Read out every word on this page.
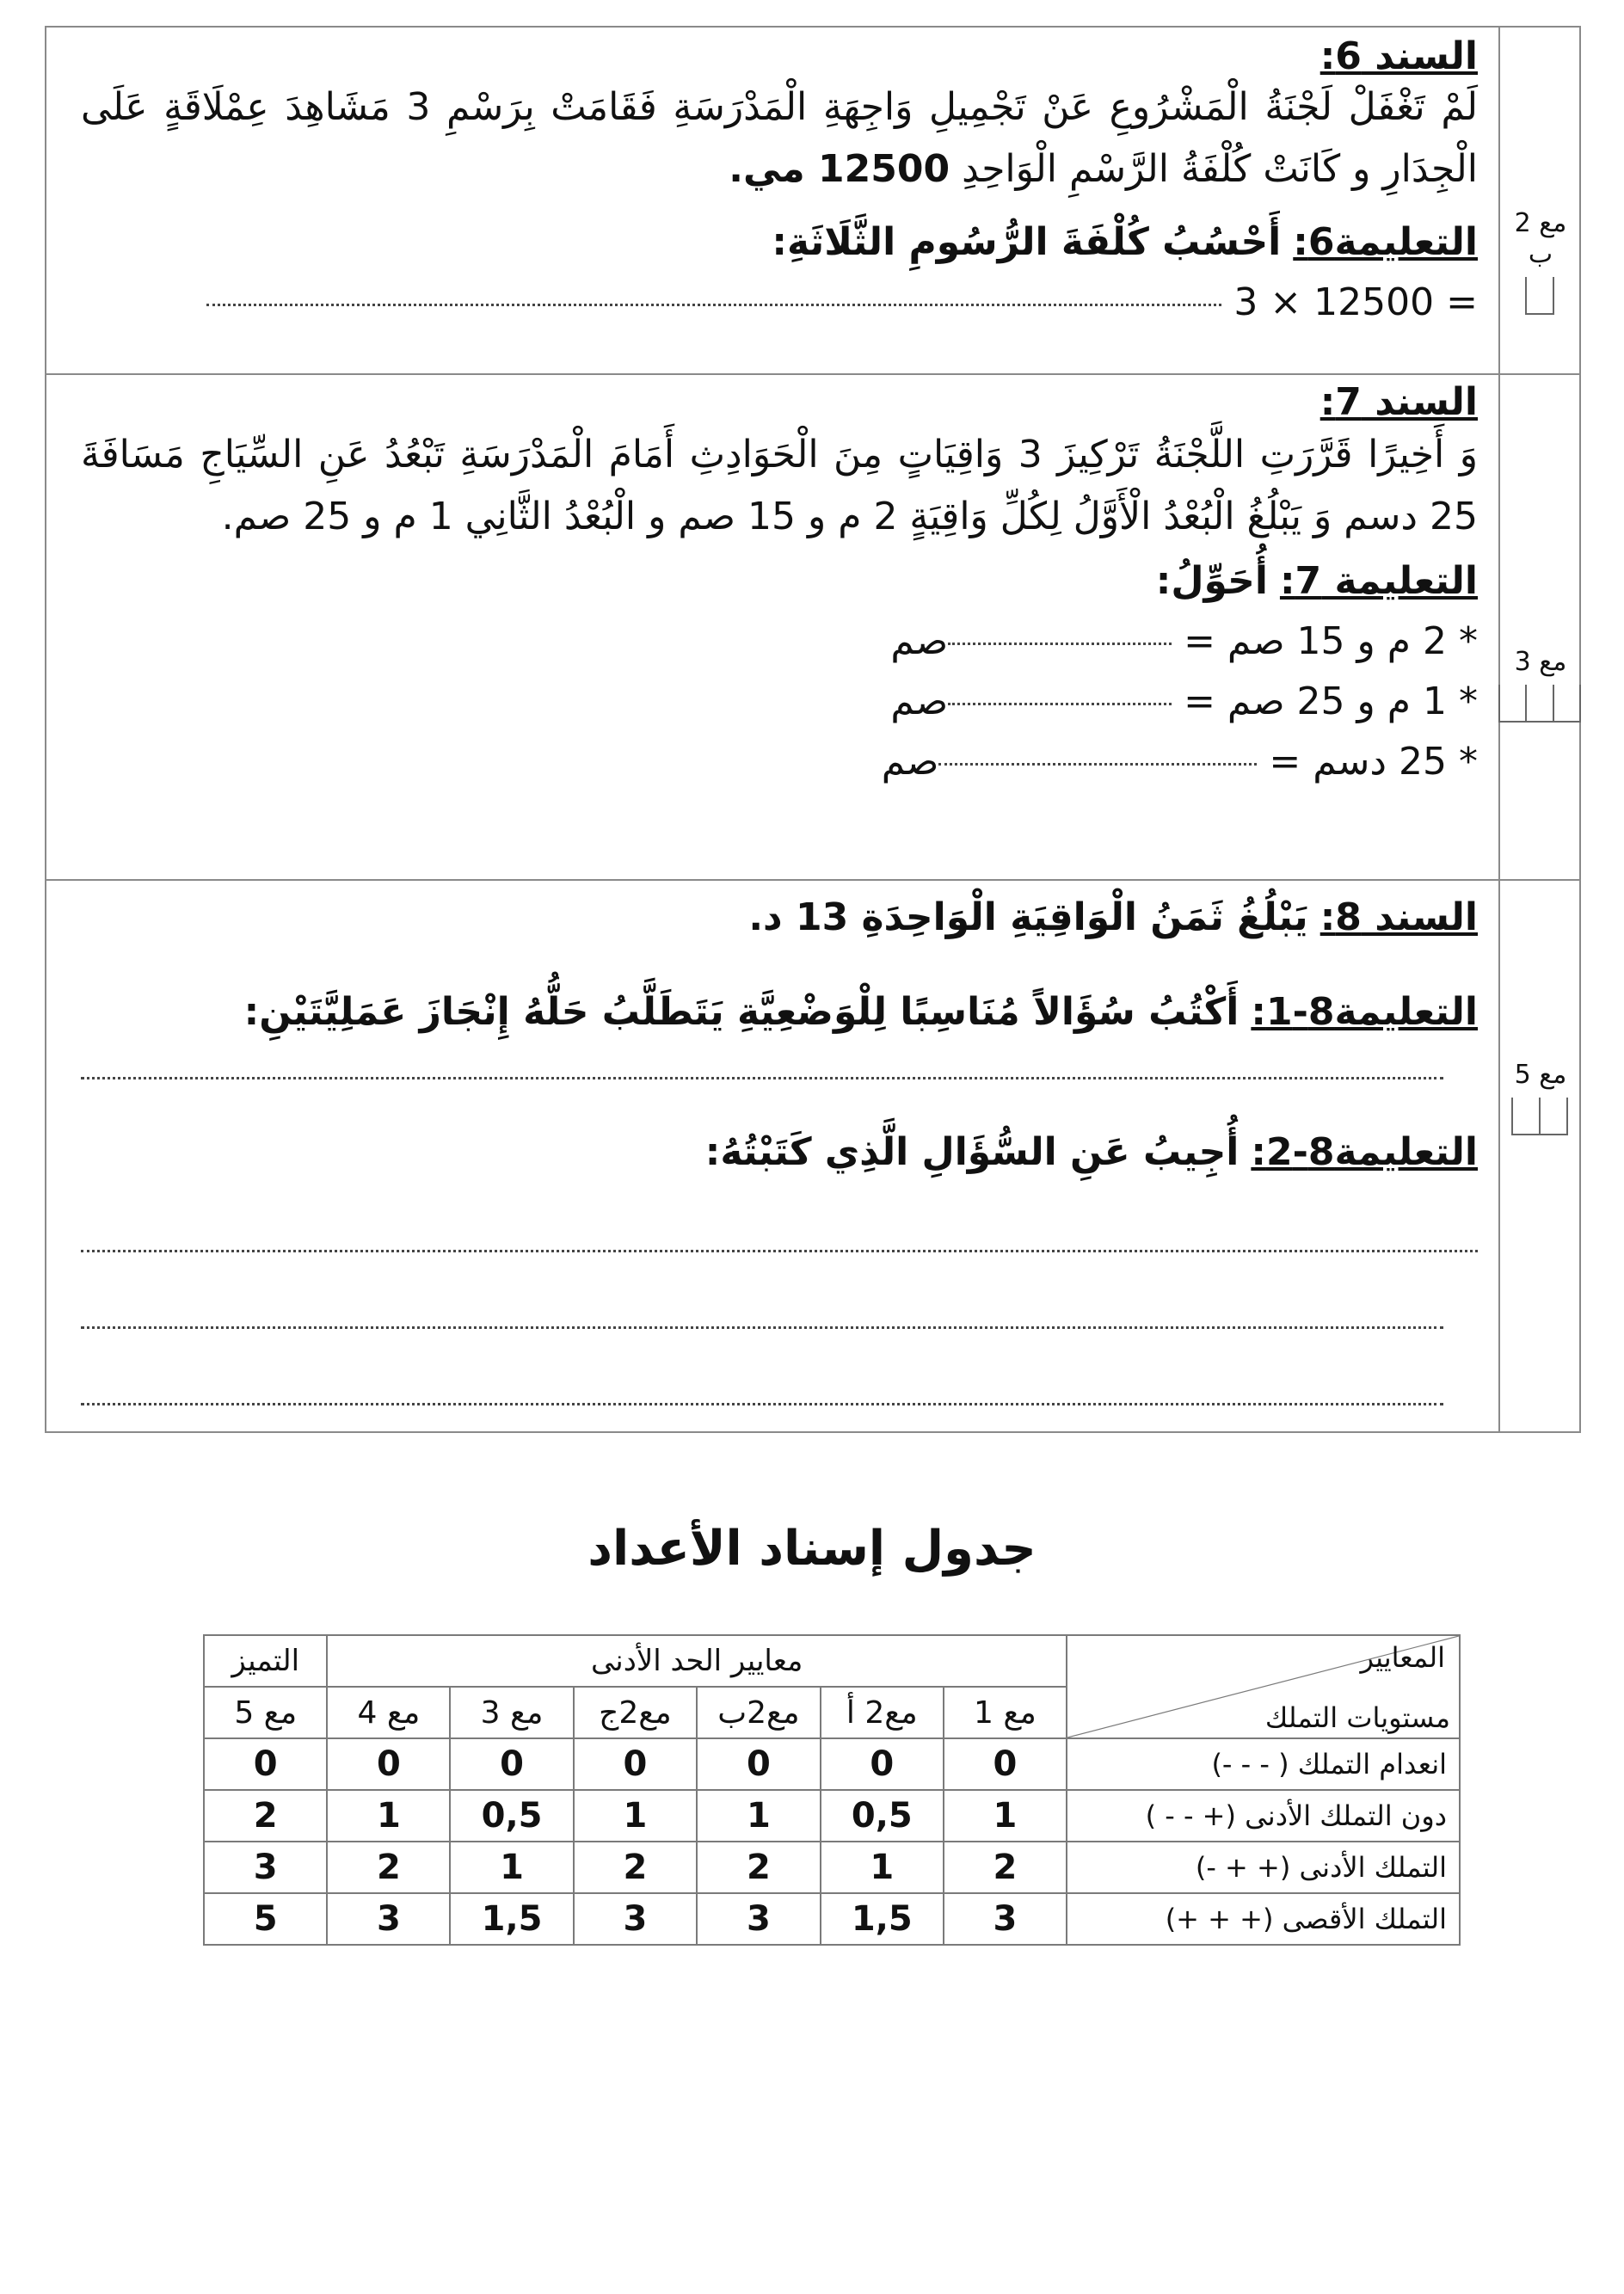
السند 6:
لَمْ تَغْفَلْ لَجْنَةُ الْمَشْرُوعِ عَنْ تَجْمِيلِ وَاجِهَةِ الْمَدْرَسَةِ فَقَامَتْ بِرَسْمِ 3 مَشَاهِدَ عِمْلَاقَةٍ عَلَى الْجِدَارِ و كَانَتْ كُلْفَةُ الرَّسْمِ الْوَاحِدِ 12500 مي.
التعليمة6: أَحْسُبُ كُلْفَةَ الرُّسُومِ الثَّلَاثَةِ:
3 × 12500 =
مع 2 ب
السند 7:
وَ أَخِيرًا قَرَّرَتِ اللَّجْنَةُ تَرْكِيزَ 3 وَاقِيَاتٍ مِنَ الْحَوَادِثِ أَمَامَ الْمَدْرَسَةِ تَبْعُدُ عَنِ السِّيَاجِ مَسَافَةَ 25 دسم وَ يَبْلُغُ الْبُعْدُ الْأَوَّلُ لِكُلِّ وَاقِيَةٍ 2 م و 15 صم و الْبُعْدُ الثَّانِي 1 م و 25 صم.
التعليمة 7: أُحَوِّلُ:
* 2 م و 15 صم = صم
* 1 م و 25 صم = صم
* 25 دسم = صم
مع 3
السند 8: يَبْلُغُ ثَمَنُ الْوَاقِيَةِ الْوَاحِدَةِ 13 د.
التعليمة8-1: أَكْتُبُ سُؤَالاً مُنَاسِبًا لِلْوَضْعِيَّةِ يَتَطَلَّبُ حَلُّهُ إِنْجَازَ عَمَلِيَّتَيْنِ:
التعليمة8-2: أُجِيبُ عَنِ السُّؤَالِ الَّذِي كَتَبْتُهُ:
مع 5
جدول إسناد الأعداد
المعايير
مستويات التملك	معايير الحد الأدنى						التميز
	مع 1	مع2 أ	مع2ب	مع2ج	مع 3	مع 4	مع 5
انعدام التملك ( - - -)	0	0	0	0	0	0	0
دون التملك الأدنى (+ - - )	1	0,5	1	1	0,5	1	2
التملك الأدنى (+ + -)	2	1	2	2	1	2	3
التملك الأقصى (+ + +)	3	1,5	3	3	1,5	3	5
